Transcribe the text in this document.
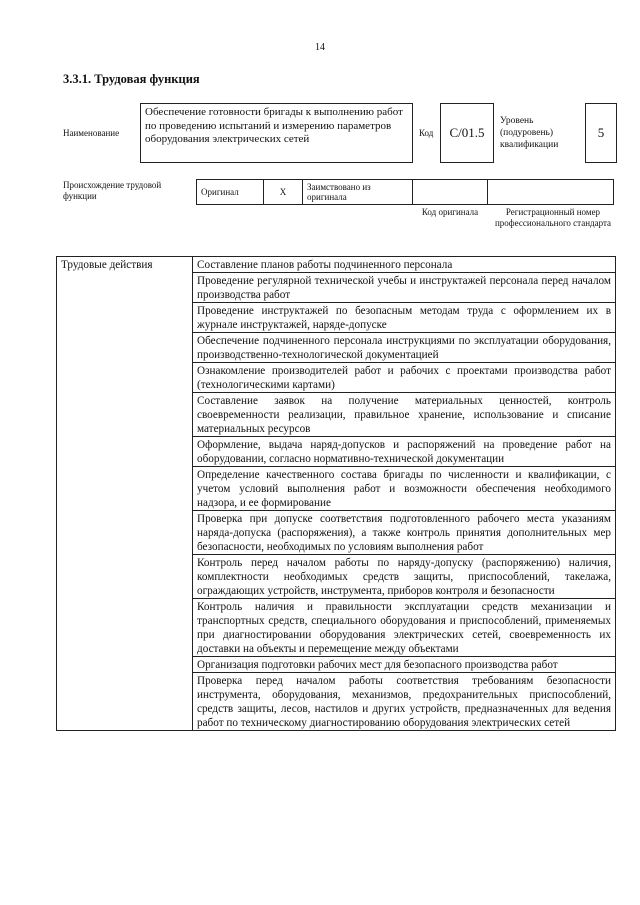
14
3.3.1. Трудовая функция
Наименование
Обеспечение готовности бригады к выполнению работ по проведению испытаний и измерению параметров оборудования электрических сетей	Код	С/01.5
Уровень (подуровень) квалификации
5
Происхождение трудовой функции	Оригинал	Х	Заимствовано из оригинала		
Код оригинала	Регистрационный номер профессионального стандарта
Трудовые действия	Составление планов работы подчиненного персонала
Проведение регулярной технической учебы и инструктажей персонала перед началом производства работ
Проведение инструктажей по безопасным методам труда с оформлением их в журнале инструктажей, наряде-допуске
Обеспечение подчиненного персонала инструкциями по эксплуатации оборудования, производственно-технологической документацией
Ознакомление производителей работ и рабочих с проектами производства работ (технологическими картами)
Составление заявок на получение материальных ценностей, контроль своевременности реализации, правильное хранение, использование и списание материальных ресурсов
Оформление, выдача наряд-допусков и распоряжений на проведение работ на оборудовании, согласно нормативно-технической документации
Определение качественного состава бригады по численности и квалификации, с учетом условий выполнения работ и возможности обеспечения необходимого надзора, и ее формирование
Проверка при допуске соответствия подготовленного рабочего места указаниям наряда-допуска (распоряжения), а также контроль принятия дополнительных мер безопасности, необходимых по условиям выполнения работ
Контроль перед началом работы по наряду-допуску (распоряжению) наличия, комплектности необходимых средств защиты, приспособлений, такелажа, ограждающих устройств, инструмента, приборов контроля и безопасности
Контроль наличия и правильности эксплуатации средств механизации и транспортных средств, специального оборудования и приспособлений, применяемых при диагностировании оборудования электрических сетей, своевременность их доставки на объекты и перемещение между объектами
Организация подготовки рабочих мест для безопасного производства работ
Проверка перед началом работы соответствия требованиям безопасности инструмента, оборудования, механизмов, предохранительных приспособлений, средств защиты, лесов, настилов и других устройств, предназначенных для ведения работ по техническому диагностированию оборудования электрических сетей
